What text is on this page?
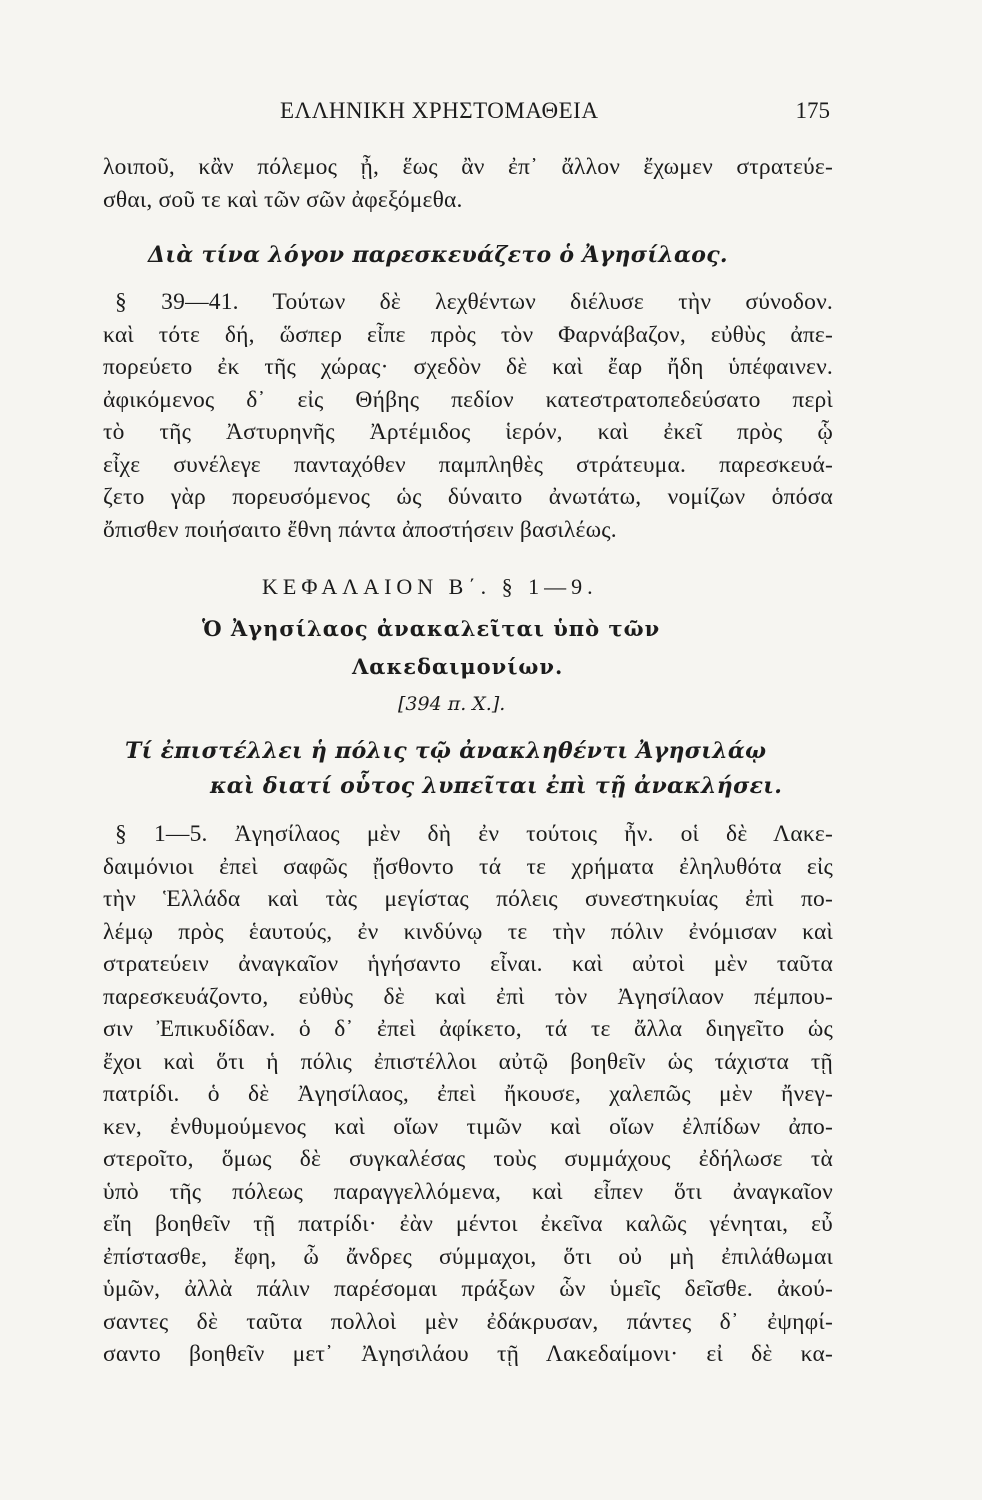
ΕΛΛΗΝΙΚΗ ΧΡΗΣΤΟΜΑΘΕΙΑ	175
λοιποῦ, κἂν πόλεμος ᾖ, ἕως ἂν ἐπ᾽ ἄλλον ἔχωμεν στρατεύε-
σθαι, σοῦ τε καὶ τῶν σῶν ἀφεξόμεθα.
Διὰ τίνα λόγον παρεσκευάζετο ὁ Ἀγησίλαος.
§ 39—41. Τούτων δὲ λεχθέντων διέλυσε τὴν σύνοδον.
καὶ τότε δή, ὥσπερ εἶπε πρὸς τὸν Φαρνάβαζον, εὐθὺς ἀπε-
πορεύετο ἐκ τῆς χώρας· σχεδὸν δὲ καὶ ἔαρ ἤδη ὑπέφαινεν.
ἀφικόμενος δ᾽ εἰς Θήβης πεδίον κατεστρατοπεδεύσατο περὶ
τὸ τῆς Ἀστυρηνῆς Ἀρτέμιδος ἱερόν, καὶ ἐκεῖ πρὸς ᾧ
εἶχε συνέλεγε πανταχόθεν παμπληθὲς στράτευμα. παρεσκευά-
ζετο γὰρ πορευσόμενος ὡς δύναιτο ἀνωτάτω, νομίζων ὁπόσα
ὄπισθεν ποιήσαιτο ἔθνη πάντα ἀποστήσειν βασιλέως.
ΚΕΦΑΛΑΙΟΝ Β΄. § 1—9.
Ὁ Ἀγησίλαος ἀνακαλεῖται ὑπὸ τῶν
Λακεδαιμονίων.
[394 π. Χ.].
Τί ἐπιστέλλει ἡ πόλις τῷ ἀνακληθέντι Ἀγησιλάῳ
καὶ διατί οὗτος λυπεῖται ἐπὶ τῇ ἀνακλήσει.
§ 1—5. Ἀγησίλαος μὲν δὴ ἐν τούτοις ἦν. οἱ δὲ Λακε-
δαιμόνιοι ἐπεὶ σαφῶς ᾔσθοντο τά τε χρήματα ἐληλυθότα εἰς
τὴν Ἑλλάδα καὶ τὰς μεγίστας πόλεις συνεστηκυίας ἐπὶ πο-
λέμῳ πρὸς ἑαυτούς, ἐν κινδύνῳ τε τὴν πόλιν ἐνόμισαν καὶ
στρατεύειν ἀναγκαῖον ἡγήσαντο εἶναι. καὶ αὐτοὶ μὲν ταῦτα
παρεσκευάζοντο, εὐθὺς δὲ καὶ ἐπὶ τὸν Ἀγησίλαον πέμπου-
σιν Ἐπικυδίδαν. ὁ δ᾽ ἐπεὶ ἀφίκετο, τά τε ἄλλα διηγεῖτο ὡς
ἔχοι καὶ ὅτι ἡ πόλις ἐπιστέλλοι αὐτῷ βοηθεῖν ὡς τάχιστα τῇ
πατρίδι. ὁ δὲ Ἀγησίλαος, ἐπεὶ ἤκουσε, χαλεπῶς μὲν ἤνεγ-
κεν, ἐνθυμούμενος καὶ οἵων τιμῶν καὶ οἵων ἐλπίδων ἀπο-
στεροῖτο, ὅμως δὲ συγκαλέσας τοὺς συμμάχους ἐδήλωσε τὰ
ὑπὸ τῆς πόλεως παραγγελλόμενα, καὶ εἶπεν ὅτι ἀναγκαῖον
εἴη βοηθεῖν τῇ πατρίδι· ἐὰν μέντοι ἐκεῖνα καλῶς γένηται, εὖ
ἐπίστασθε, ἔφη, ὦ ἄνδρες σύμμαχοι, ὅτι οὐ μὴ ἐπιλάθωμαι
ὑμῶν, ἀλλὰ πάλιν παρέσομαι πράξων ὧν ὑμεῖς δεῖσθε. ἀκού-
σαντες δὲ ταῦτα πολλοὶ μὲν ἐδάκρυσαν, πάντες δ᾽ ἐψηφί-
σαντο βοηθεῖν μετ᾽ Ἀγησιλάου τῇ Λακεδαίμονι· εἰ δὲ κα-
